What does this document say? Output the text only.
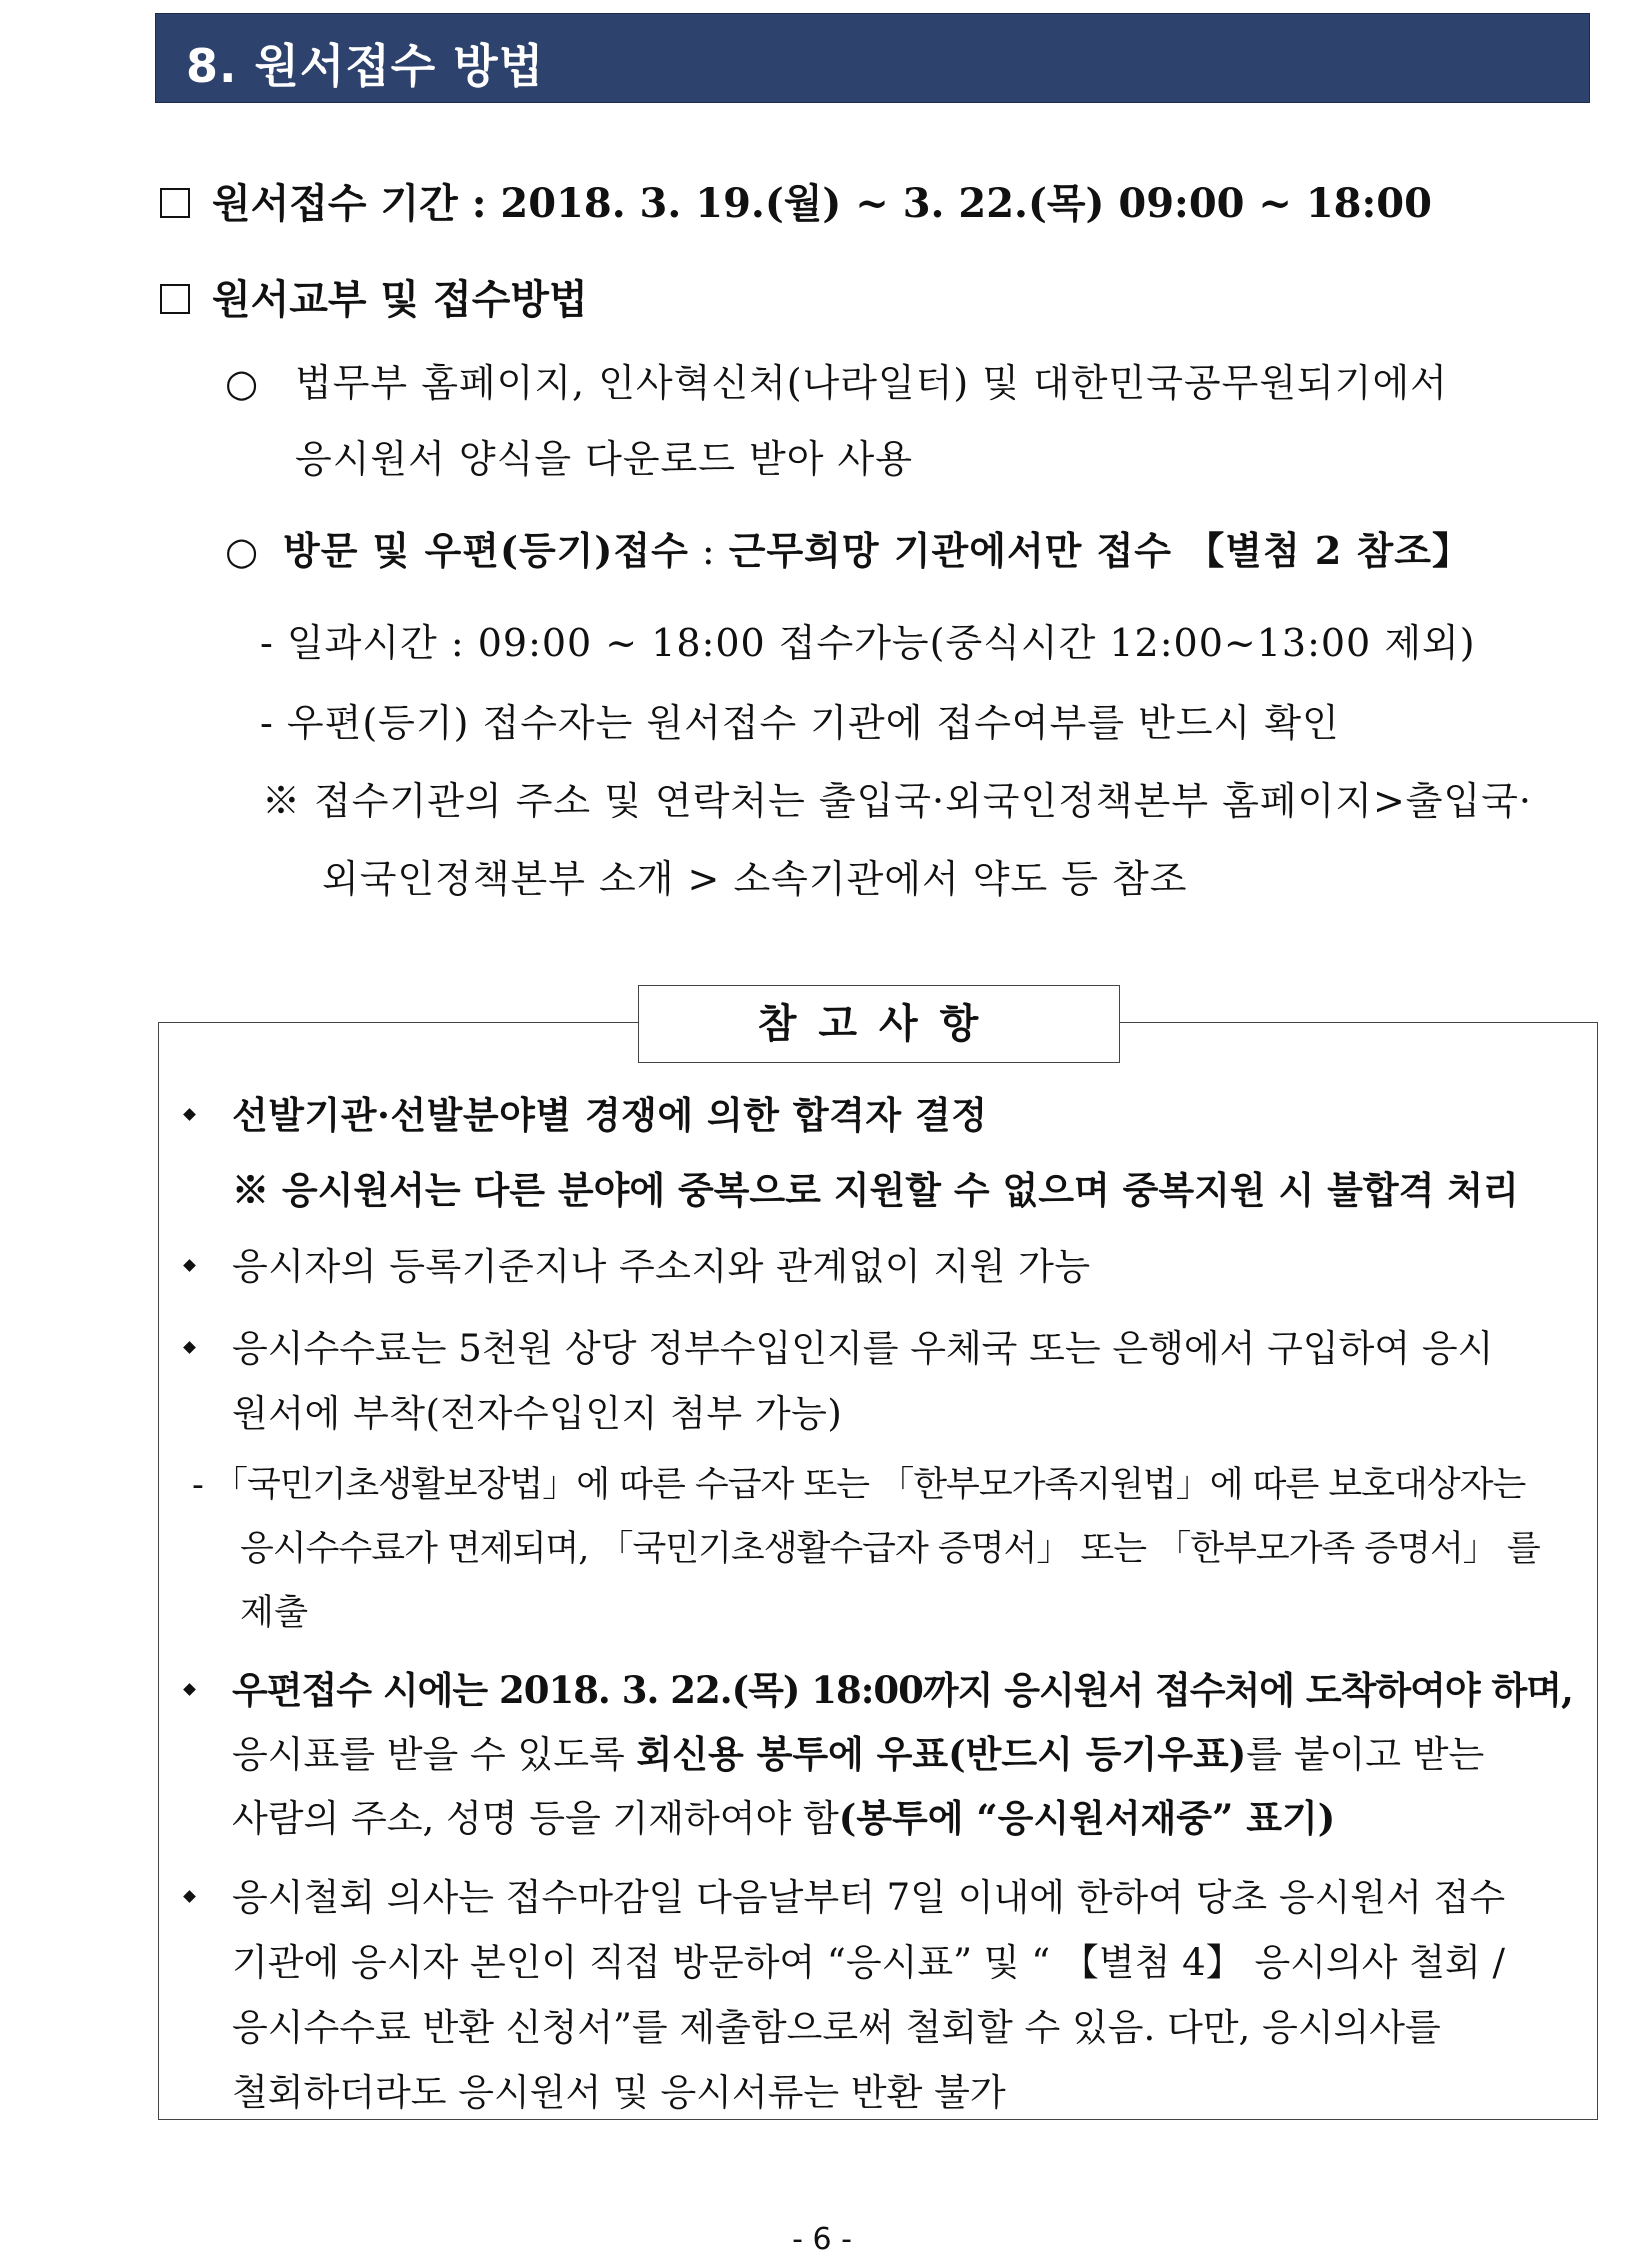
8. 원서접수 방법
원서접수 기간 : 2018. 3. 19.(월) ~ 3. 22.(목) 09:00 ~ 18:00
원서교부 및 접수방법
○ 법무부 홈페이지, 인사혁신처(나라일터) 및 대한민국공무원되기에서
응시원서 양식을 다운로드 받아 사용
○ 방문 및 우편(등기)접수 : 근무희망 기관에서만 접수 【별첨 2 참조】
- 일과시간 : 09:00 ~ 18:00 접수가능(중식시간 12:00~13:00 제외)
- 우편(등기) 접수자는 원서접수 기관에 접수여부를 반드시 확인
※ 접수기관의 주소 및 연락처는 출입국·외국인정책본부 홈페이지>출입국·
외국인정책본부 소개 > 소속기관에서 약도 등 참조
참고사항
선발기관·선발분야별 경쟁에 의한 합격자 결정
※ 응시원서는 다른 분야에 중복으로 지원할 수 없으며 중복지원 시 불합격 처리
응시자의 등록기준지나 주소지와 관계없이 지원 가능
응시수수료는 5천원 상당 정부수입인지를 우체국 또는 은행에서 구입하여 응시
원서에 부착(전자수입인지 첨부 가능)
- 「국민기초생활보장법」에 따른 수급자 또는 「한부모가족지원법」에 따른 보호대상자는
응시수수료가 면제되며, 「국민기초생활수급자 증명서」 또는 「한부모가족 증명서」 를
제출
우편접수 시에는 2018. 3. 22.(목) 18:00까지 응시원서 접수처에 도착하여야 하며,
응시표를 받을 수 있도록 회신용 봉투에 우표(반드시 등기우표)를 붙이고 받는
사람의 주소, 성명 등을 기재하여야 함(봉투에 “응시원서재중” 표기)
응시철회 의사는 접수마감일 다음날부터 7일 이내에 한하여 당초 응시원서 접수
기관에 응시자 본인이 직접 방문하여 “응시표” 및 “ 【별첨 4】 응시의사 철회 /
응시수수료 반환 신청서”를 제출함으로써 철회할 수 있음. 다만, 응시의사를
철회하더라도 응시원서 및 응시서류는 반환 불가
- 6 -
